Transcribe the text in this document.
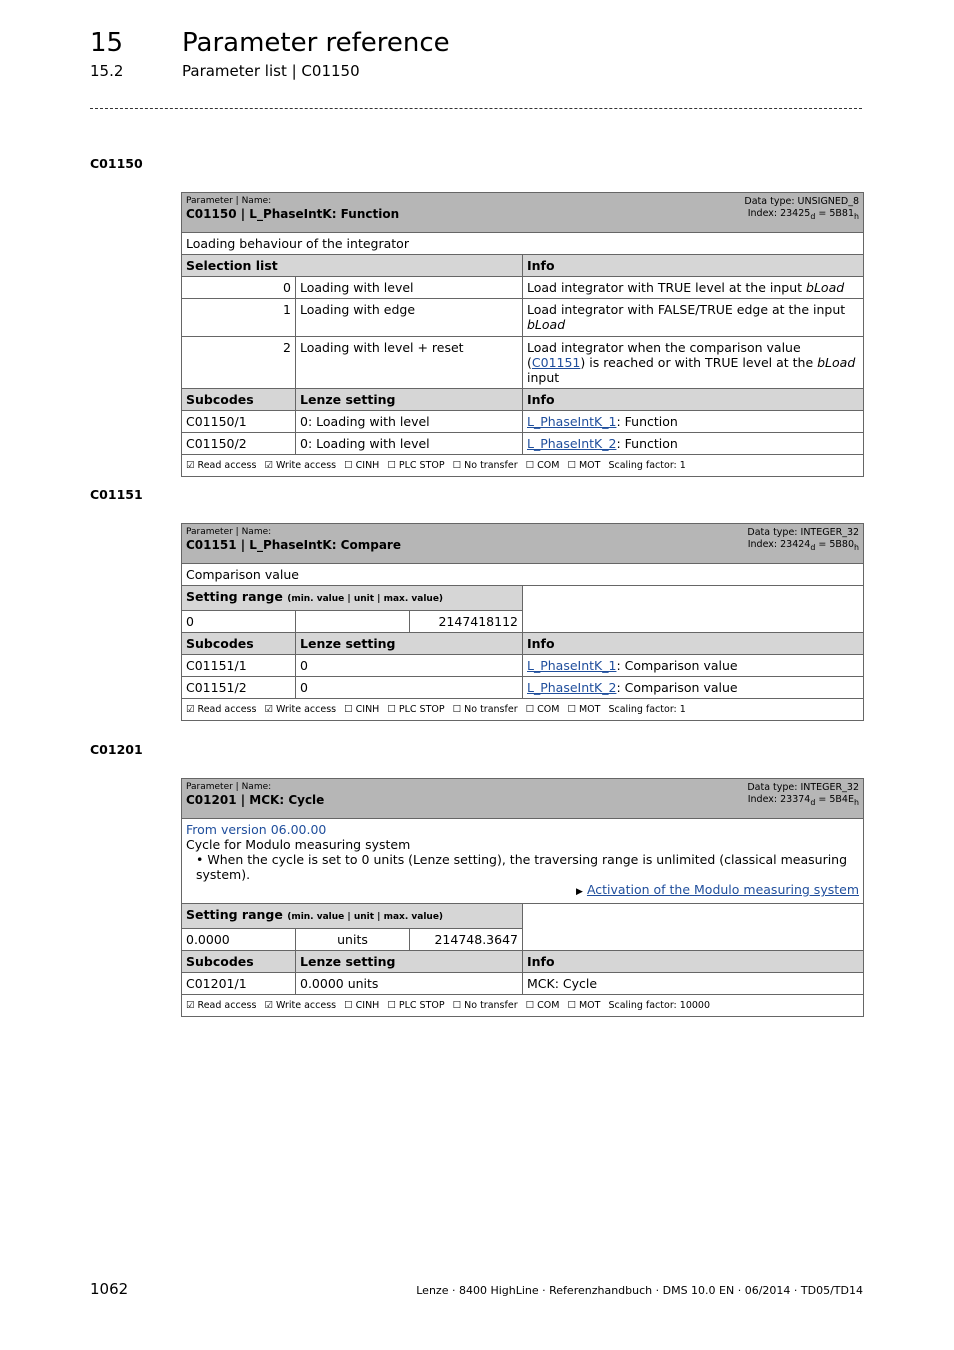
15 Parameter reference
15.2	Parameter list | C01150
C01150
Data type: UNSIGNED_8
Index: $23425_d = 5B81_h$
Parameter | Name:
C01150 | L_PhaseIntK: Function		

Loading behaviour of the integrator		
Selection list		Info
0	Loading with level	Load integrator with TRUE level at the input bLoad
1	Loading with edge	Load integrator with FALSE/TRUE edge at the input bLoad
2	Loading with level + reset	Load integrator when the comparison value (C01151) is reached or with TRUE level at the bLoad input
Subcodes	Lenze setting	Info
C01150/1	0: Loading with level	L_PhaseIntK_1: Function
C01150/2	0: Loading with level	L_PhaseIntK_2: Function
☑ Read access ☑ Write access ☐ CINH ☐ PLC STOP ☐ No transfer ☐ COM ☐ MOT Scaling factor: 1		
C01151
Data type: INTEGER_32
Index: $23424_d = 5B80_h$
Parameter | Name:
C01151 | L_PhaseIntK: Compare			

Comparison value			
Setting range (min. value | unit | max. value)			
0		2147418112	
Subcodes	Lenze setting		Info
C01151/1	0		L_PhaseIntK_1: Comparison value
C01151/2	0		L_PhaseIntK_2: Comparison value
☑ Read access ☑ Write access ☐ CINH ☐ PLC STOP ☐ No transfer ☐ COM ☐ MOT Scaling factor: 1			
C01201
Data type: INTEGER_32
Index: $23374_d = 5B4E_h$
Parameter | Name:
C01201 | MCK: Cycle			

From version 06.00.00
Cycle for Modulo measuring system
• When the cycle is set to 0 units (Lenze setting), the traversing range is unlimited (classical measuring system).
▶ Activation of the Modulo measuring system			

Setting range (min. value | unit | max. value)			
0.0000	units	214748.3647	
Subcodes	Lenze setting		Info
C01201/1	0.0000 units		MCK: Cycle
☑ Read access ☑ Write access ☐ CINH ☐ PLC STOP ☐ No transfer ☐ COM ☐ MOT Scaling factor: 10000			
1062	Lenze · 8400 HighLine · Referenzhandbuch · DMS 10.0 EN · 06/2014 · TD05/TD14
